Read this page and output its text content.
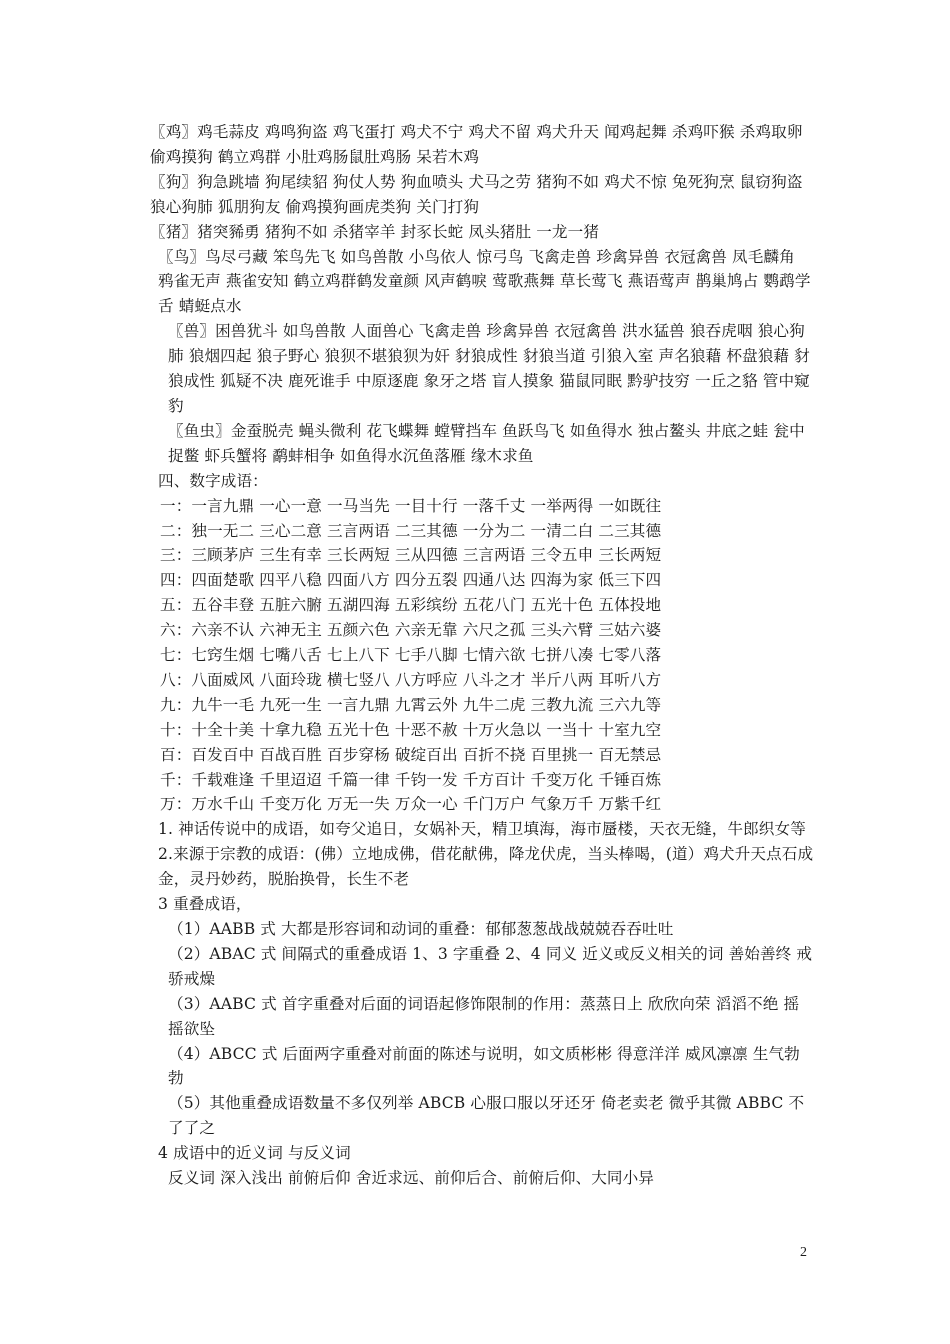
〖鸡〗鸡毛蒜皮 鸡鸣狗盗 鸡飞蛋打 鸡犬不宁 鸡犬不留 鸡犬升天 闻鸡起舞 杀鸡吓猴 杀鸡取卵 偷鸡摸狗 鹤立鸡群 小肚鸡肠鼠肚鸡肠 呆若木鸡

〖狗〗狗急跳墙 狗尾续貂 狗仗人势 狗血喷头 犬马之劳 猪狗不如 鸡犬不惊 兔死狗烹 鼠窃狗盗 狼心狗肺 狐朋狗友 偷鸡摸狗画虎类狗 关门打狗

〖猪〗猪突豨勇 猪狗不如 杀猪宰羊 封豕长蛇 凤头猪肚 一龙一猪

〖鸟〗鸟尽弓藏 笨鸟先飞 如鸟兽散 小鸟依人 惊弓鸟 飞禽走兽 珍禽异兽 衣冠禽兽 凤毛麟角 鸦雀无声 燕雀安知 鹤立鸡群鹤发童颜 风声鹤唳 莺歌燕舞 草长莺飞 燕语莺声 鹊巢鸠占 鹦鹉学舌 蜻蜓点水

〖兽〗困兽犹斗 如鸟兽散 人面兽心 飞禽走兽 珍禽异兽 衣冠禽兽 洪水猛兽 狼吞虎咽 狼心狗肺 狼烟四起 狼子野心 狼狈不堪狼狈为奸 豺狼成性 豺狼当道 引狼入室 声名狼藉 杯盘狼藉 豺狼成性 狐疑不决 鹿死谁手 中原逐鹿 象牙之塔 盲人摸象 猫鼠同眠 黔驴技穷 一丘之貉 管中窥豹

〖鱼虫〗金蚕脱壳 蝇头微利 花飞蝶舞 螳臂挡车 鱼跃鸟飞 如鱼得水 独占鳌头 井底之蛙 瓮中捉鳖 虾兵蟹将 鹬蚌相争 如鱼得水沉鱼落雁 缘木求鱼

四、数字成语：

一：一言九鼎 一心一意 一马当先 一目十行 一落千丈 一举两得 一如既往

二：独一无二 三心二意 三言两语 二三其德 一分为二 一清二白 二三其德

三：三顾茅庐 三生有幸 三长两短 三从四德 三言两语 三令五申 三长两短

四：四面楚歌 四平八稳 四面八方 四分五裂 四通八达 四海为家 低三下四

五：五谷丰登 五脏六腑 五湖四海 五彩缤纷 五花八门 五光十色 五体投地

六：六亲不认 六神无主 五颜六色 六亲无靠 六尺之孤 三头六臂 三姑六婆

七：七窍生烟 七嘴八舌 七上八下 七手八脚 七情六欲 七拼八凑 七零八落

八：八面威风 八面玲珑 横七竖八 八方呼应 八斗之才 半斤八两 耳听八方

九：九牛一毛 九死一生 一言九鼎 九霄云外 九牛二虎 三教九流 三六九等

十：十全十美 十拿九稳 五光十色 十恶不赦 十万火急以 一当十 十室九空

百：百发百中 百战百胜 百步穿杨 破绽百出 百折不挠 百里挑一 百无禁忌

千：千载难逢 千里迢迢 千篇一律 千钧一发 千方百计 千变万化 千锤百炼

万：万水千山 千变万化 万无一失 万众一心 千门万户 气象万千 万紫千红

1. 神话传说中的成语，如夸父追日，女娲补天，精卫填海，海市蜃楼，天衣无缝，牛郎织女等

2.来源于宗教的成语：(佛）立地成佛，借花献佛，降龙伏虎，当头棒喝，(道）鸡犬升天点石成金，灵丹妙药，脱胎换骨，长生不老

3 重叠成语，

（1）AABB 式 大都是形容词和动词的重叠：郁郁葱葱战战兢兢吞吞吐吐

（2）ABAC 式 间隔式的重叠成语 1、3 字重叠 2、4 同义 近义或反义相关的词 善始善终 戒骄戒燥

（3）AABC 式 首字重叠对后面的词语起修饰限制的作用：蒸蒸日上 欣欣向荣 滔滔不绝 摇摇欲坠

（4）ABCC 式 后面两字重叠对前面的陈述与说明，如文质彬彬 得意洋洋 威风凛凛 生气勃勃

（5）其他重叠成语数量不多仅列举 ABCB 心服口服以牙还牙 倚老卖老 微乎其微 ABBC 不了了之

4 成语中的近义词 与反义词

反义词 深入浅出 前俯后仰 舍近求远、前仰后合、前俯后仰、大同小异

2
